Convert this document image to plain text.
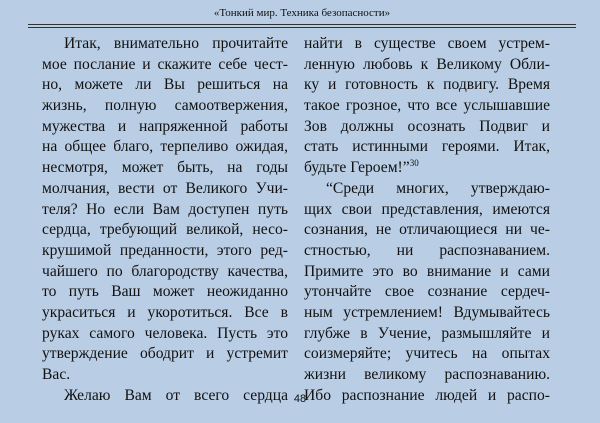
«Тонкий мир. Техника безопасности»
Итак, внимательно прочитайте
мое послание и скажите себе чест-
но, можете ли Вы решиться на
жизнь, полную самоотвержения,
мужества и напряженной работы
на общее благо, терпеливо ожидая,
несмотря, может быть, на годы
молчания, вести от Великого Учи-
теля? Но если Вам доступен путь
сердца, требующий великой, несо-
крушимой преданности, этого ред-
чайшего по благородству качества,
то путь Ваш может неожиданно
украситься и укоротиться. Все в
руках самого человека. Пусть это
утверждение ободрит и устремит
Вас.
Желаю Вам от всего сердца
найти в существе своем устрем-
ленную любовь к Великому Обли-
ку и готовность к подвигу. Время
такое грозное, что все услышавшие
Зов должны осознать Подвиг и
стать истинными героями. Итак,
будьте Героем!”$^{30}$
“Среди многих, утверждаю-
щих свои представления, имеются
сознания, не отличающиеся ни че-
стностью, ни распознаванием.
Примите это во внимание и сами
утончайте свое сознание сердеч-
ным устремлением! Вдумывайтесь
глубже в Учение, размышляйте и
соизмеряйте; учитесь на опытах
жизни великому распознаванию.
Ибо распознание людей и распо-
48
